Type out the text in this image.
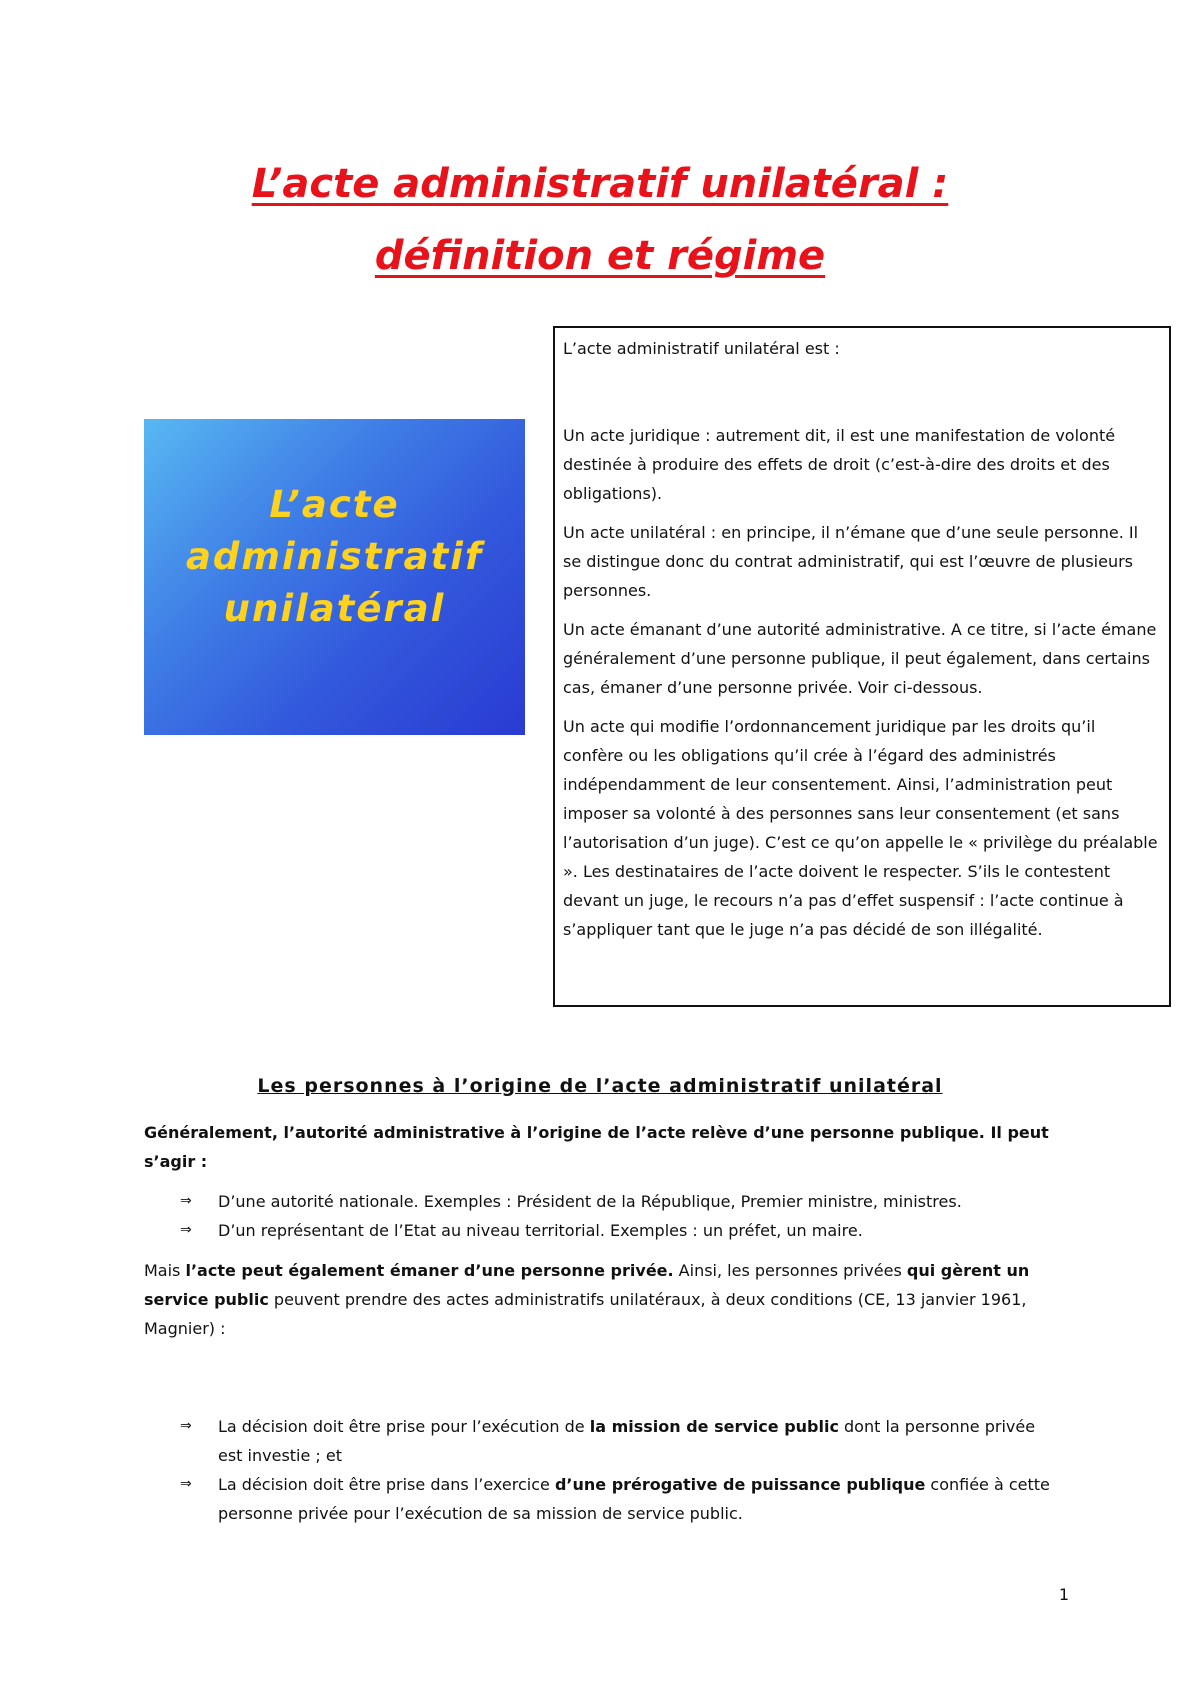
L’acte administratif unilatéral :
définition et régime
L’acte
administratif
unilatéral

L’acte administratif unilatéral est :

Un acte juridique : autrement dit, il est une manifestation de volonté destinée à produire des effets de droit (c’est-à-dire des droits et des obligations).

Un acte unilatéral : en principe, il n’émane que d’une seule personne. Il se distingue donc du contrat administratif, qui est l’œuvre de plusieurs personnes.

Un acte émanant d’une autorité administrative. A ce titre, si l’acte émane généralement d’une personne publique, il peut également, dans certains cas, émaner d’une personne privée. Voir ci-dessous.

Un acte qui modifie l’ordonnancement juridique par les droits qu’il confère ou les obligations qu’il crée à l’égard des administrés indépendamment de leur consentement. Ainsi, l’administration peut imposer sa volonté à des personnes sans leur consentement (et sans l’autorisation d’un juge). C’est ce qu’on appelle le « privilège du préalable ». Les destinataires de l’acte doivent le respecter. S’ils le contestent devant un juge, le recours n’a pas d’effet suspensif : l’acte continue à s’appliquer tant que le juge n’a pas décidé de son illégalité.

Les personnes à l’origine de l’acte administratif unilatéral

Généralement, l’autorité administrative à l’origine de l’acte relève d’une personne publique. Il peut s’agir :

⇒ D’une autorité nationale. Exemples : Président de la République, Premier ministre, ministres.
⇒ D’un représentant de l’Etat au niveau territorial. Exemples : un préfet, un maire.

Mais l’acte peut également émaner d’une personne privée. Ainsi, les personnes privées qui gèrent un service public peuvent prendre des actes administratifs unilatéraux, à deux conditions (CE, 13 janvier 1961, Magnier) :

⇒ La décision doit être prise pour l’exécution de la mission de service public dont la personne privée est investie ; et
⇒ La décision doit être prise dans l’exercice d’une prérogative de puissance publique confiée à cette personne privée pour l’exécution de sa mission de service public.
1
